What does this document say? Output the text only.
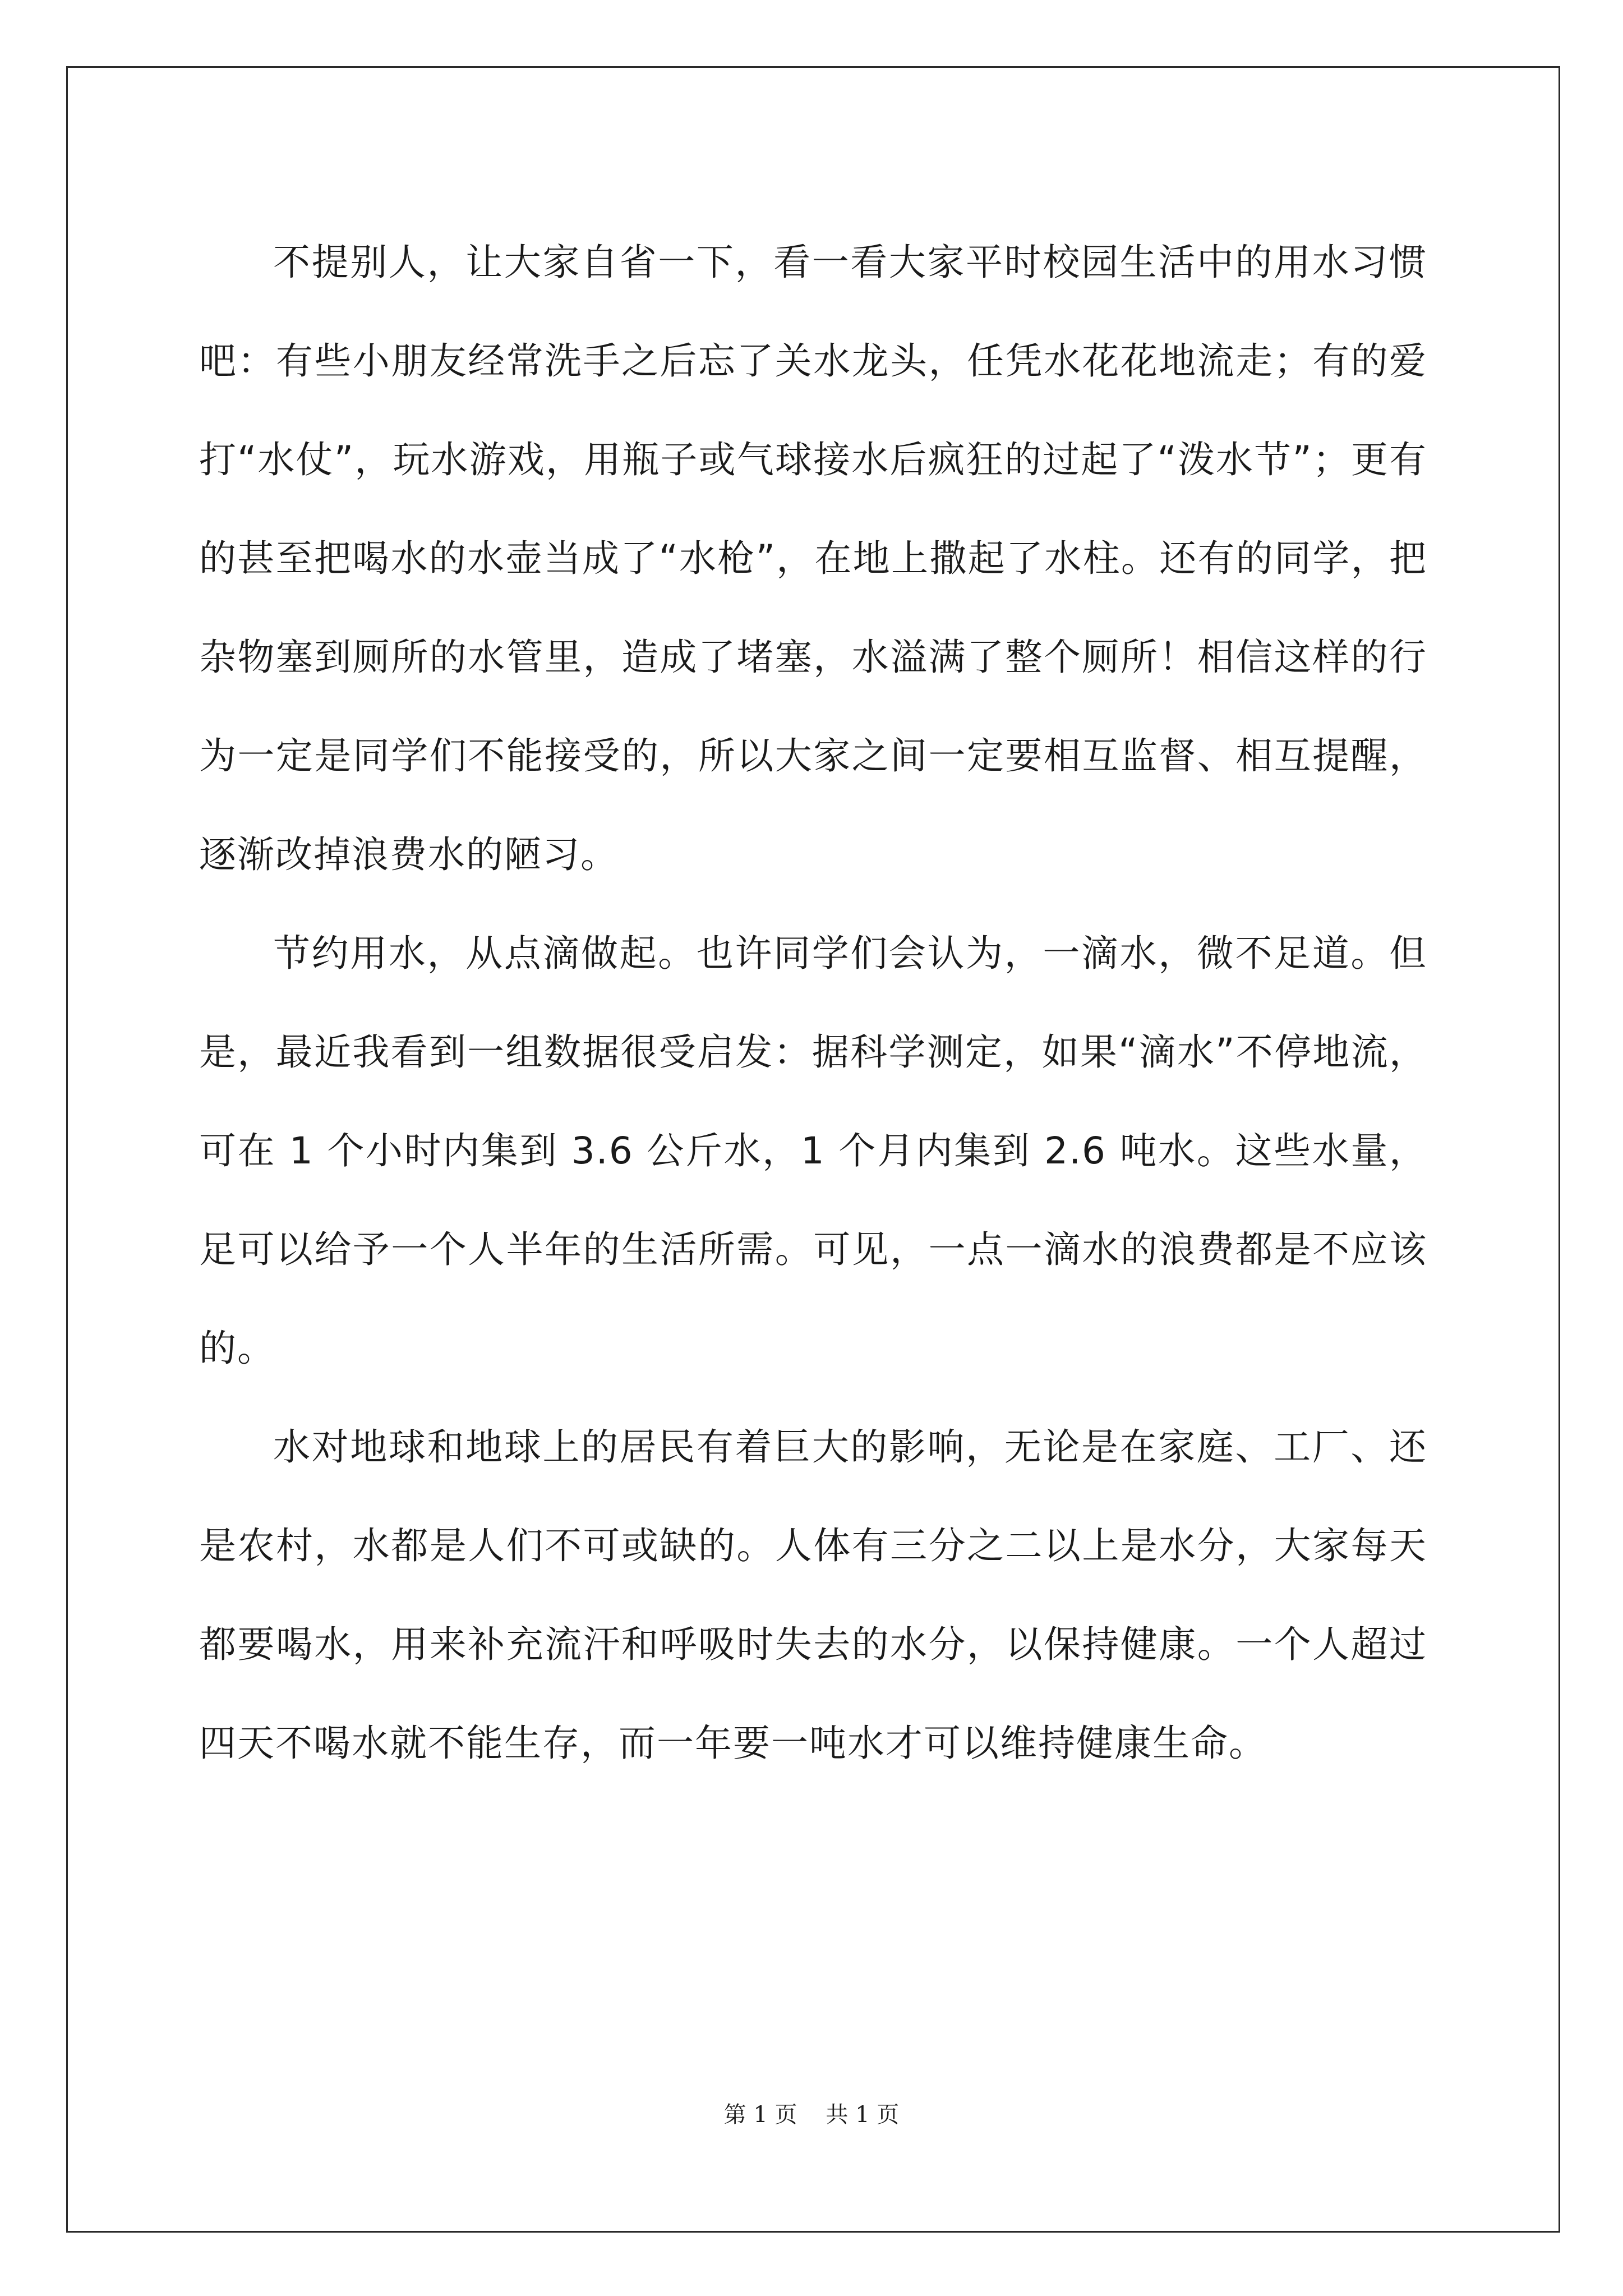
不提别人，让大家自省一下，看一看大家平时校园生活中的用水习惯吧：有些小朋友经常洗手之后忘了关水龙头，任凭水花花地流走；有的爱打“水仗”，玩水游戏，用瓶子或气球接水后疯狂的过起了“泼水节”；更有的甚至把喝水的水壶当成了“水枪”，在地上撒起了水柱。还有的同学，把杂物塞到厕所的水管里，造成了堵塞，水溢满了整个厕所！相信这样的行为一定是同学们不能接受的，所以大家之间一定要相互监督、相互提醒，逐渐改掉浪费水的陋习。

节约用水，从点滴做起。也许同学们会认为，一滴水，微不足道。但是，最近我看到一组数据很受启发：据科学测定，如果“滴水”不停地流，可在 1 个小时内集到 3.6 公斤水，1 个月内集到 2.6 吨水。这些水量，足可以给予一个人半年的生活所需。可见，一点一滴水的浪费都是不应该的。

水对地球和地球上的居民有着巨大的影响，无论是在家庭、工厂、还是农村，水都是人们不可或缺的。人体有三分之二以上是水分，大家每天都要喝水，用来补充流汗和呼吸时失去的水分，以保持健康。一个人超过四天不喝水就不能生存，而一年要一吨水才可以维持健康生命。

第 1 页 共 1 页
